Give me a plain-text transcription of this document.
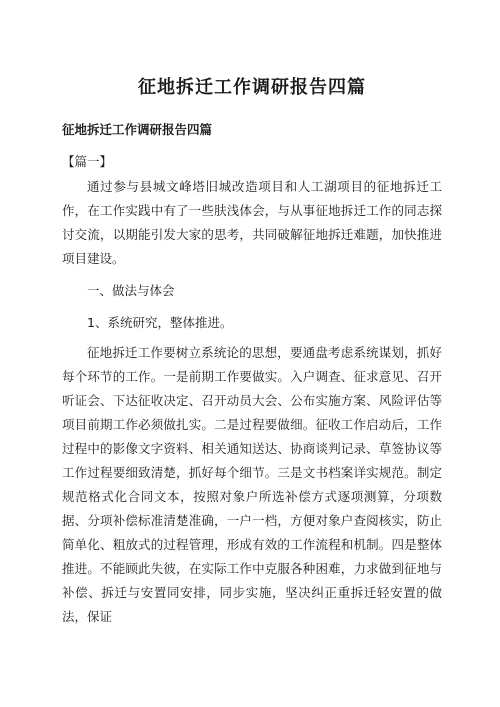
征地拆迁工作调研报告四篇

征地拆迁工作调研报告四篇

【篇一】

通过参与县城文峰塔旧城改造项目和人工湖项目的征地拆迁工作，在工作实践中有了一些肤浅体会，与从事征地拆迁工作的同志探讨交流，以期能引发大家的思考，共同破解征地拆迁难题，加快推进项目建设。

一、做法与体会

1、系统研究，整体推进。

征地拆迁工作要树立系统论的思想，要通盘考虑系统谋划，抓好每个环节的工作。一是前期工作要做实。入户调查、征求意见、召开听证会、下达征收决定、召开动员大会、公布实施方案、风险评估等项目前期工作必须做扎实。二是过程要做细。征收工作启动后，工作过程中的影像文字资料、相关通知送达、协商谈判记录、草签协议等工作过程要细致清楚，抓好每个细节。三是文书档案详实规范。制定规范格式化合同文本，按照对象户所选补偿方式逐项测算，分项数据、分项补偿标准清楚准确，一户一档，方便对象户查阅核实，防止简单化、粗放式的过程管理，形成有效的工作流程和机制。四是整体推进。不能顾此失彼，在实际工作中克服各种困难，力求做到征地与补偿、拆迁与安置同安排，同步实施，坚决纠正重拆迁轻安置的做法，保证
